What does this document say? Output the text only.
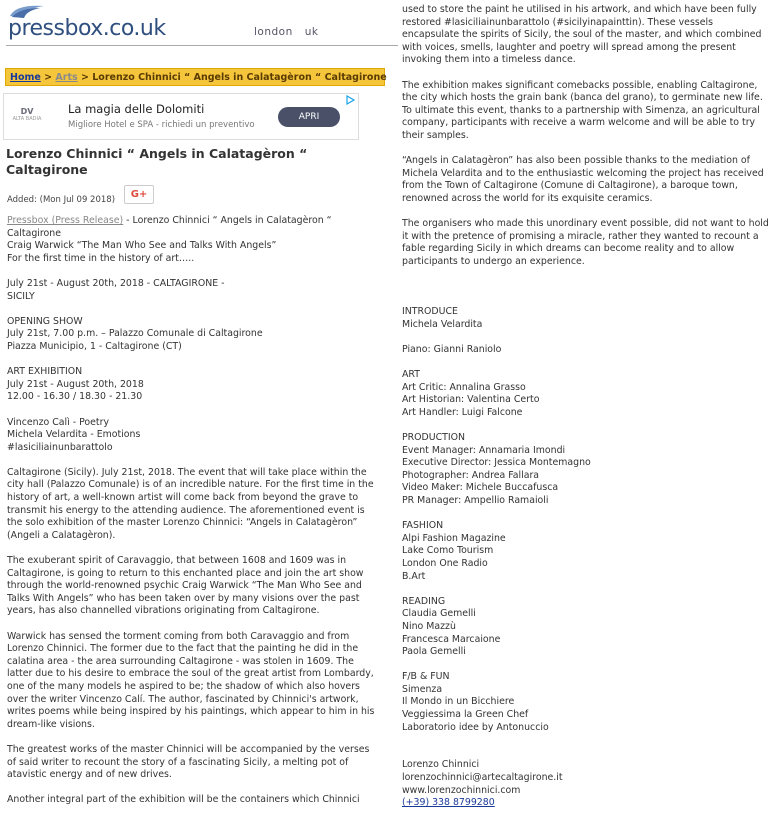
pressbox.co.uk	london uk
Home > Arts > Lorenzo Chinnici “ Angels in Calatagèron “ Caltagirone
DV
ALTA BADIA
La magia delle Dolomiti
Migliore Hotel e SPA - richiedi un preventivo
APRI
Lorenzo Chinnici “ Angels in Calatagèron “ Caltagirone
Added: (Mon Jul 09 2018)	G+

Pressbox (Press Release) - Lorenzo Chinnici “ Angels in Calatagèron “
Caltagirone
Craig Warwick “The Man Who See and Talks With Angels”
For the first time in the history of art…..

July 21st - August 20th, 2018 - CALTAGIRONE -
SICILY

OPENING SHOW
July 21st, 7.00 p.m. – Palazzo Comunale di Caltagirone
Piazza Municipio, 1 - Caltagirone (CT)

ART EXHIBITION
July 21st - August 20th, 2018
12.00 - 16.30 / 18.30 - 21.30

Vincenzo Calì - Poetry
Michela Velardita - Emotions
#lasiciliainunbarattolo

Caltagirone (Sicily). July 21st, 2018. The event that will take place within the city hall (Palazzo Comunale) is of an incredible nature. For the first time in the history of art, a well-known artist will come back from beyond the grave to transmit his energy to the attending audience. The aforementioned event is the solo exhibition of the master Lorenzo Chinnici: “Angels in Calatagèron” (Angeli a Calatagèron).

The exuberant spirit of Caravaggio, that between 1608 and 1609 was in Caltagirone, is going to return to this enchanted place and join the art show through the world-renowned psychic Craig Warwick “The Man Who See and Talks With Angels” who has been taken over by many visions over the past years, has also channelled vibrations originating from Caltagirone.

Warwick has sensed the torment coming from both Caravaggio and from Lorenzo Chinnici. The former due to the fact that the painting he did in the calatina area - the area surrounding Caltagirone - was stolen in 1609. The latter due to his desire to embrace the soul of the great artist from Lombardy, one of the many models he aspired to be; the shadow of which also hovers over the writer Vincenzo Calí. The author, fascinated by Chinnici's artwork, writes poems while being inspired by his paintings, which appear to him in his dream-like visions.

The greatest works of the master Chinnici will be accompanied by the verses of said writer to recount the story of a fascinating Sicily, a melting pot of atavistic energy and of new drives.

Another integral part of the exhibition will be the containers which Chinnici

used to store the paint he utilised in his artwork, and which have been fully restored #lasiciliainunbarattolo (#sicilyinapainttin). These vessels encapsulate the spirits of Sicily, the soul of the master, and which combined with voices, smells, laughter and poetry will spread among the present invoking them into a timeless dance.

The exhibition makes significant comebacks possible, enabling Caltagirone, the city which hosts the grain bank (banca del grano), to germinate new life. To ultimate this event, thanks to a partnership with Simenza, an agricultural company, participants with receive a warm welcome and will be able to try their samples.

“Angels in Calatagèron” has also been possible thanks to the mediation of Michela Velardita and to the enthusiastic welcoming the project has received from the Town of Caltagirone (Comune di Caltagirone), a baroque town, renowned across the world for its exquisite ceramics.

The organisers who made this unordinary event possible, did not want to hold it with the pretence of promising a miracle, rather they wanted to recount a fable regarding Sicily in which dreams can become reality and to allow participants to undergo an experience.

INTRODUCE
Michela Velardita

Piano: Gianni Raniolo

ART
Art Critic: Annalina Grasso
Art Historian: Valentina Certo
Art Handler: Luigi Falcone

PRODUCTION
Event Manager: Annamaria Imondi
Executive Director: Jessica Montemagno
Photographer: Andrea Fallara
Video Maker: Michele Buccafusca
PR Manager: Ampellio Ramaioli

FASHION
Alpi Fashion Magazine
Lake Como Tourism
London One Radio
B.Art

READING
Claudia Gemelli
Nino Mazzù
Francesca Marcaione
Paola Gemelli

F/B & FUN
Simenza
Il Mondo in un Bicchiere
Veggiessima la Green Chef
Laboratorio idee by Antonuccio

Lorenzo Chinnici
lorenzochinnici@artecaltagirone.it
www.lorenzochinnici.com
(+39) 338 8799280
